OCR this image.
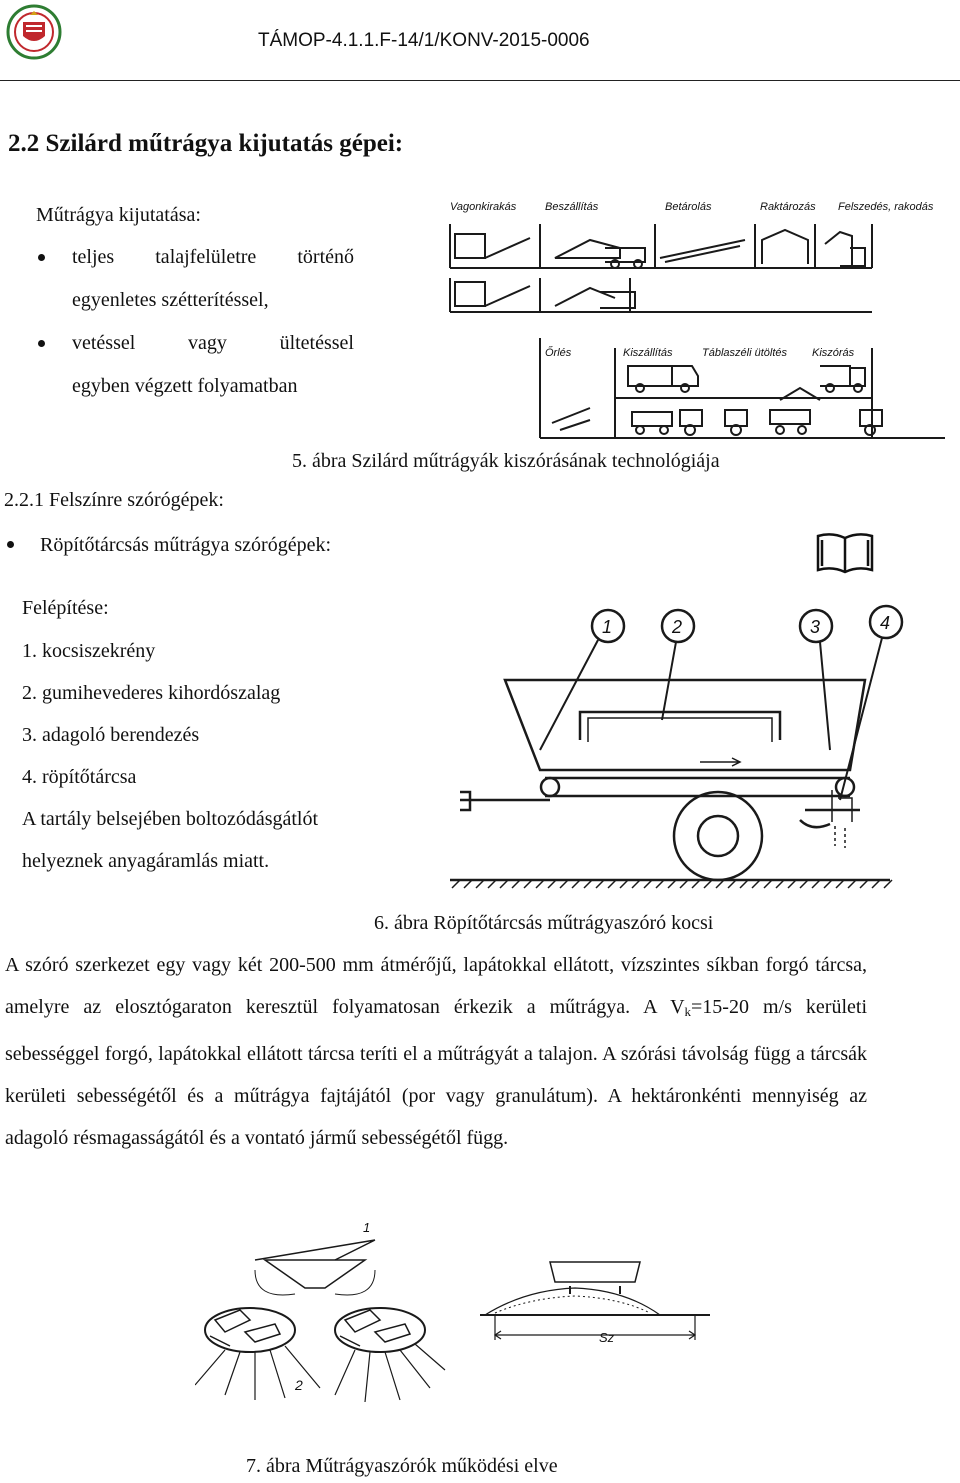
TÁMOP-4.1.1.F-14/1/KONV-2015-0006
2.2 Szilárd műtrágya kijutatás gépei:
Műtrágya kijutatása:
teljes talajfelületre történő
egyenletes szétterítéssel,
vetéssel vagy ültetéssel
egyben végzett folyamatban
Vagonkirakás	Beszállítás	Betárolás	Raktározás Felszedés, rakodás
Őrlés	Kiszállítás	Táblaszéli ütöltés Kiszórás
5. ábra Szilárd műtrágyák kiszórásának technológiája
2.2.1 Felszínre szórógépek:
Röpítőtárcsás műtrágya szórógépek:
Felépítése:
1. kocsiszekrény
2. gumihevederes kihordószalag
3. adagoló berendezés
4. röpítőtárcsa
A tartály belsejében boltozódásgátlót
helyeznek anyagáramlás miatt.
1	2	3	4
6. ábra Röpítőtárcsás műtrágyaszóró kocsi

A szóró szerkezet egy vagy két 200-500 mm átmérőjű, lapátokkal ellátott, vízszintes síkban forgó tárcsa, amelyre az elosztógaraton keresztül folyamatosan érkezik a műtrágya. A $V_k=15-20$ m/s kerületi sebességgel forgó, lapátokkal ellátott tárcsa teríti el a műtrágyát a talajon. A szórási távolság függ a tárcsák kerületi sebességétől és a műtrágya fajtájától (por vagy granulátum). A hektáronkénti mennyiség az adagoló résmagasságától és a vontató jármű sebességétől függ.

1
2
Sz
7. ábra Műtrágyaszórók működési elve
